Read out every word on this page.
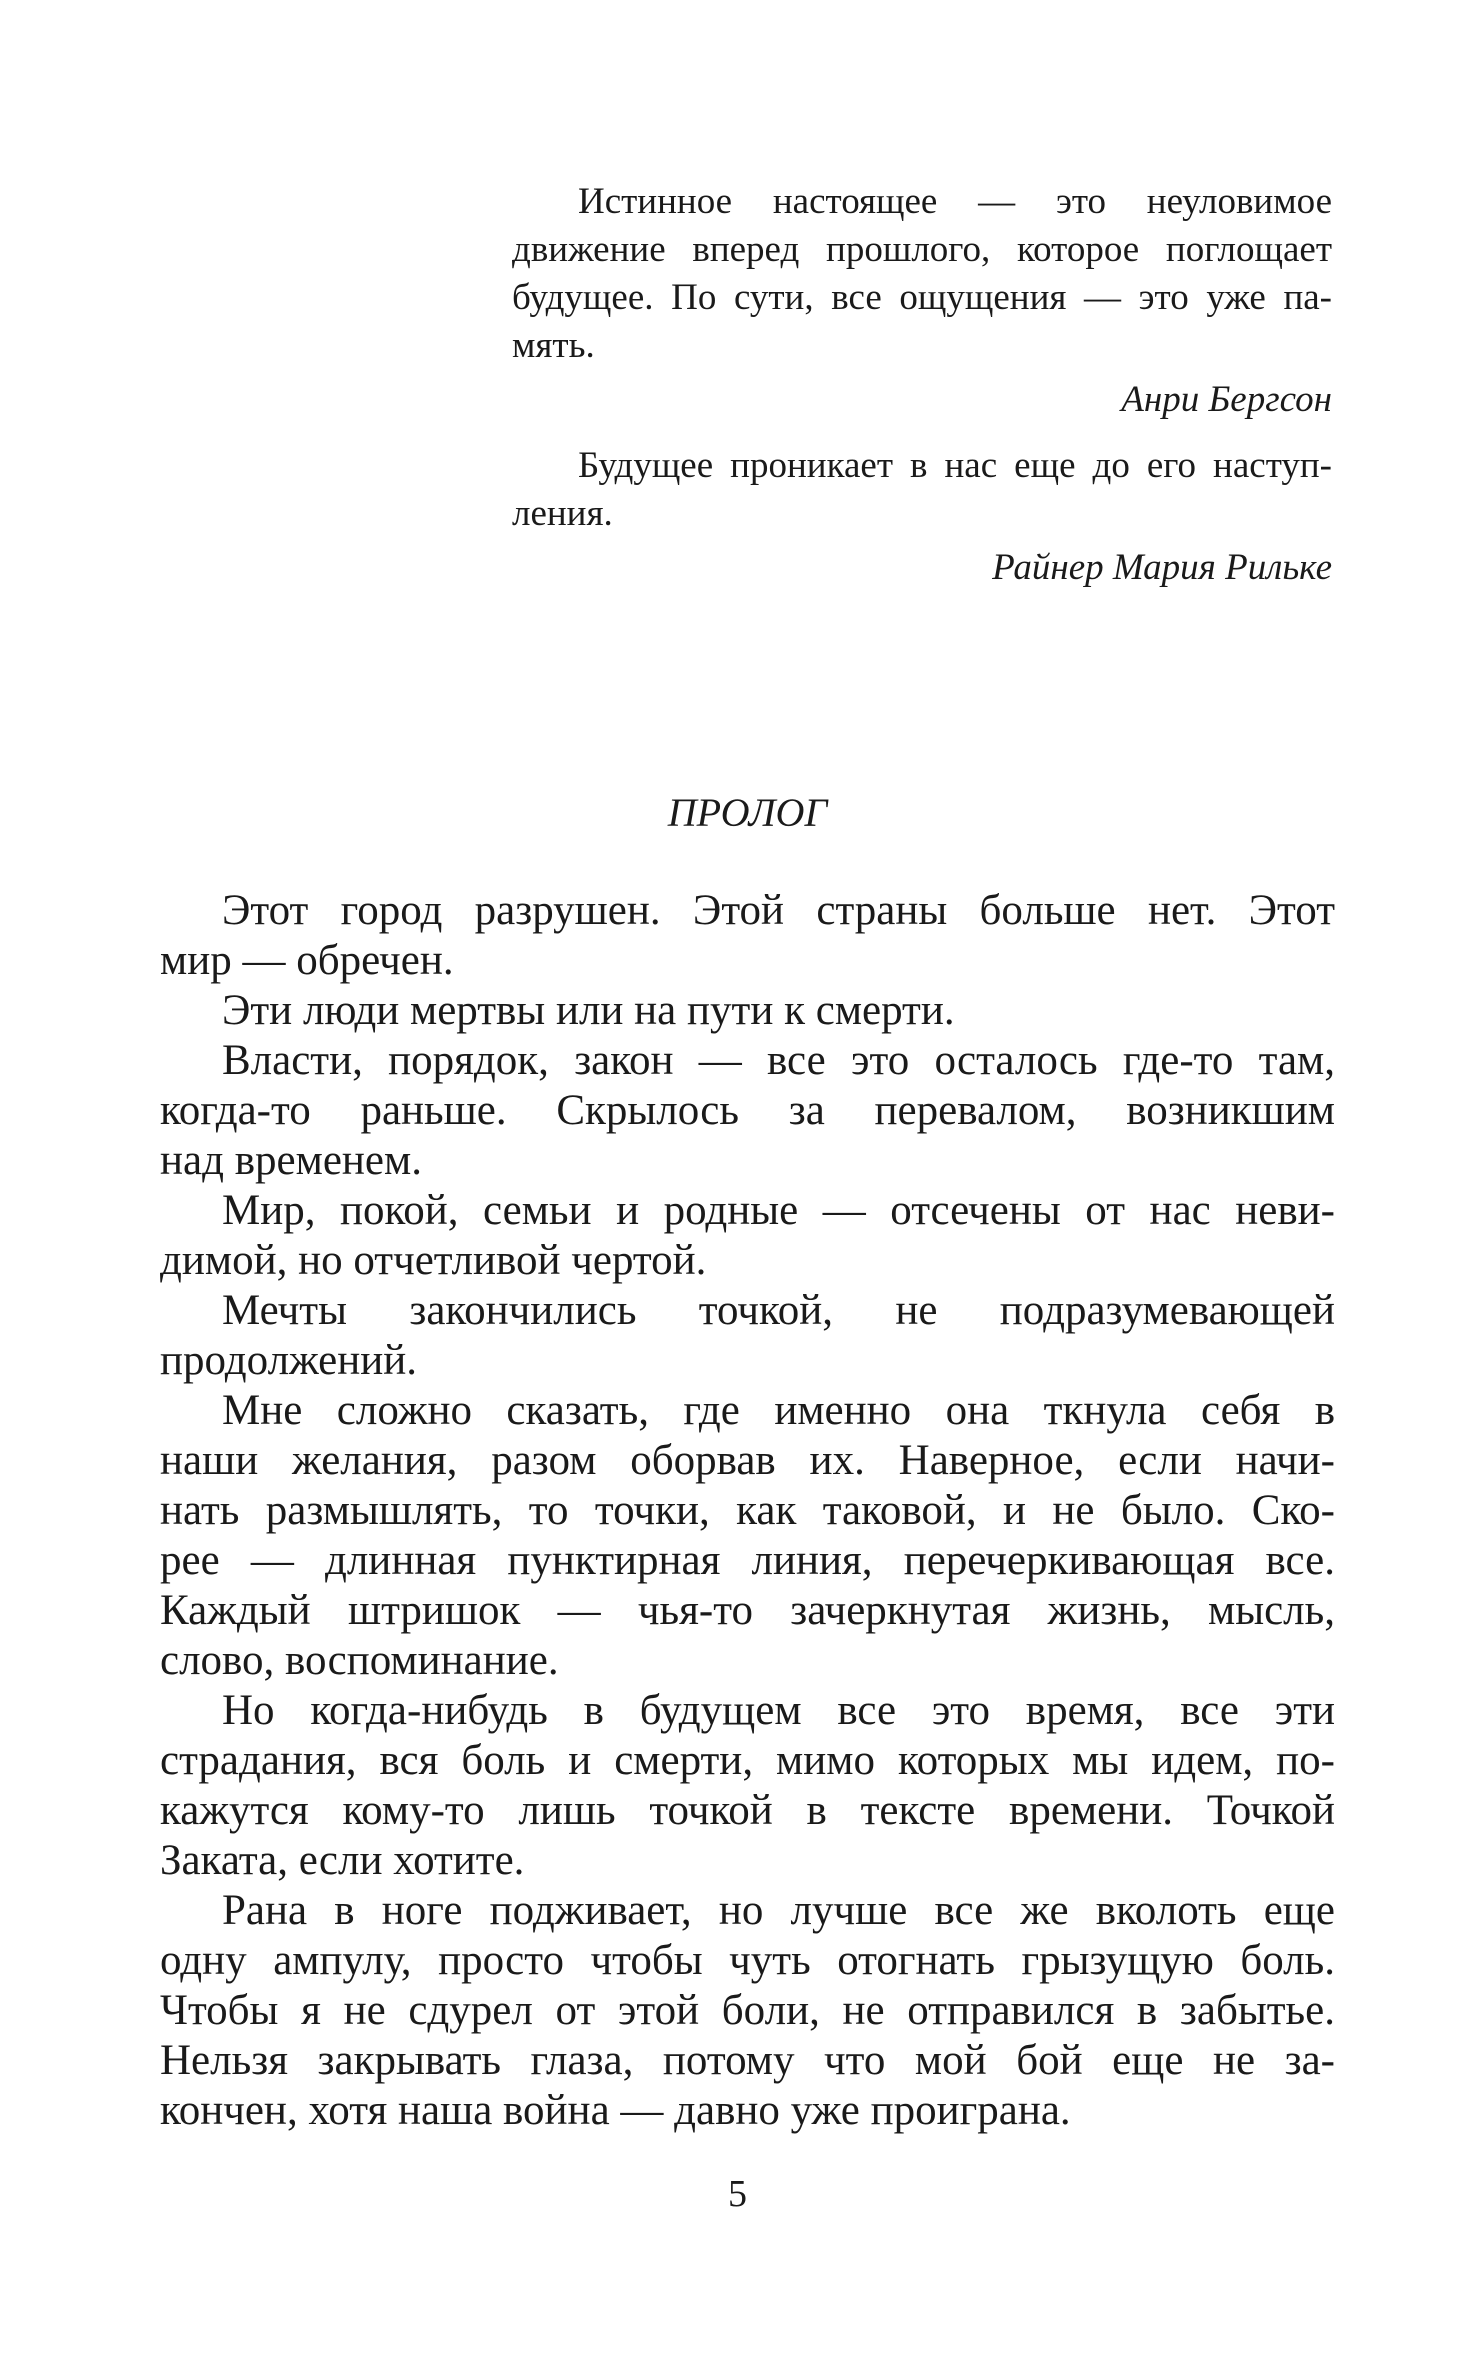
Истинное настоящее — это неуловимое
движение вперед прошлого, которое поглощает
будущее. По сути, все ощущения — это уже па-
мять.
Анри Бергсон
Будущее проникает в нас еще до его наступ-
ления.
Райнер Мария Рильке
ПРОЛОГ

Этот город разрушен. Этой страны больше нет. Этот
мир — обречен.

Эти люди мертвы или на пути к смерти.

Власти, порядок, закон — все это осталось где-то там,
когда-то раньше. Скрылось за перевалом, возникшим
над временем.

Мир, покой, семьи и родные — отсечены от нас неви-
димой, но отчетливой чертой.

Мечты закончились точкой, не подразумевающей
продолжений.

Мне сложно сказать, где именно она ткнула себя в
наши желания, разом оборвав их. Наверное, если начи-
нать размышлять, то точки, как таковой, и не было. Ско-
рее — длинная пунктирная линия, перечеркивающая все.
Каждый штришок — чья-то зачеркнутая жизнь, мысль,
слово, воспоминание.

Но когда-нибудь в будущем все это время, все эти
страдания, вся боль и смерти, мимо которых мы идем, по-
кажутся кому-то лишь точкой в тексте времени. Точкой
Заката, если хотите.

Рана в ноге подживает, но лучше все же вколоть еще
одну ампулу, просто чтобы чуть отогнать грызущую боль.
Чтобы я не сдурел от этой боли, не отправился в забытье.
Нельзя закрывать глаза, потому что мой бой еще не за-
кончен, хотя наша война — давно уже проиграна.

5
